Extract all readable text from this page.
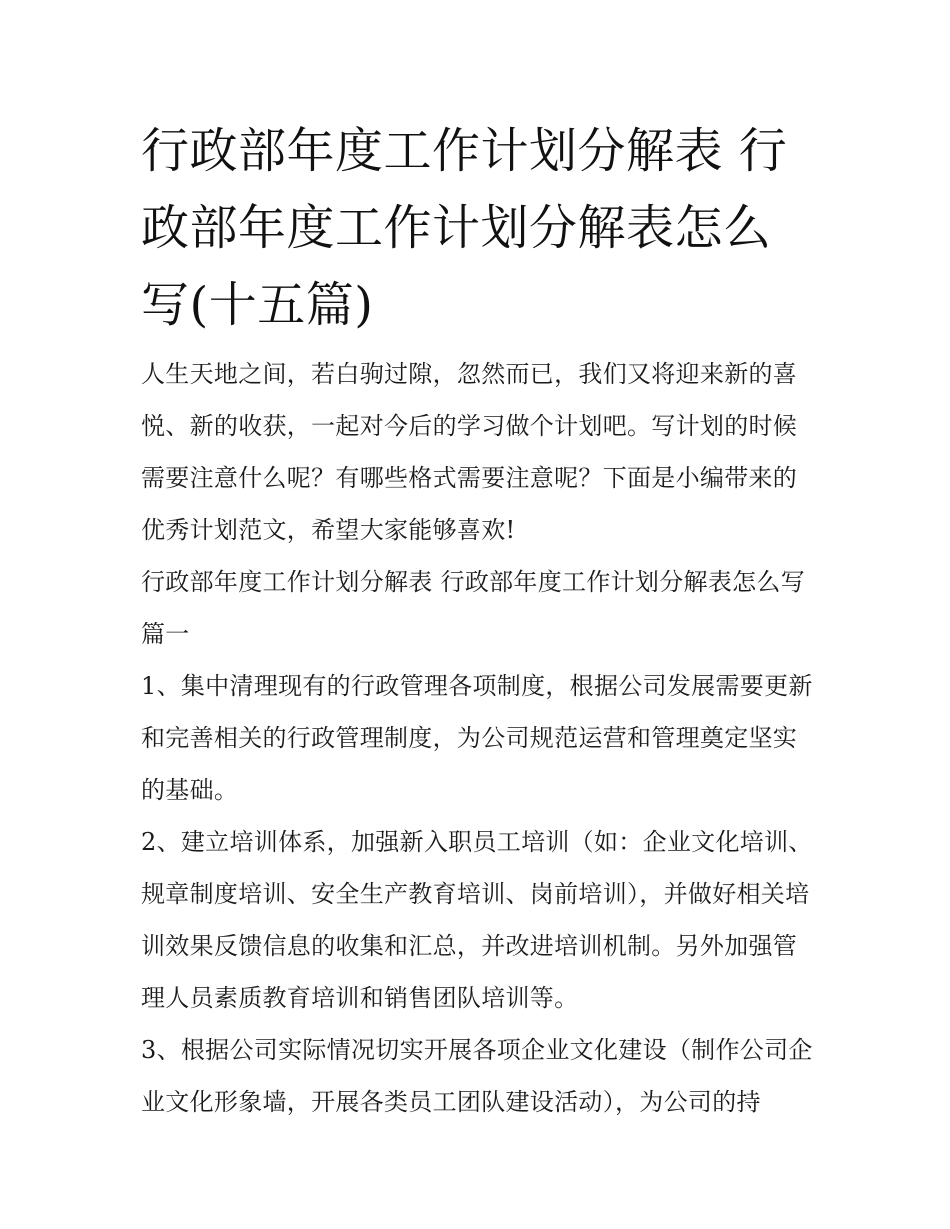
行政部年度工作计划分解表 行政部年度工作计划分解表怎么写(十五篇)

人生天地之间，若白驹过隙，忽然而已，我们又将迎来新的喜悦、新的收获，一起对今后的学习做个计划吧。写计划的时候需要注意什么呢？有哪些格式需要注意呢？下面是小编带来的优秀计划范文，希望大家能够喜欢!

行政部年度工作计划分解表 行政部年度工作计划分解表怎么写篇一

1、集中清理现有的行政管理各项制度，根据公司发展需要更新和完善相关的行政管理制度，为公司规范运营和管理奠定坚实的基础。

2、建立培训体系，加强新入职员工培训（如：企业文化培训、规章制度培训、安全生产教育培训、岗前培训），并做好相关培训效果反馈信息的收集和汇总，并改进培训机制。另外加强管理人员素质教育培训和销售团队培训等。

3、根据公司实际情况切实开展各项企业文化建设（制作公司企业文化形象墙，开展各类员工团队建设活动），为公司的持
